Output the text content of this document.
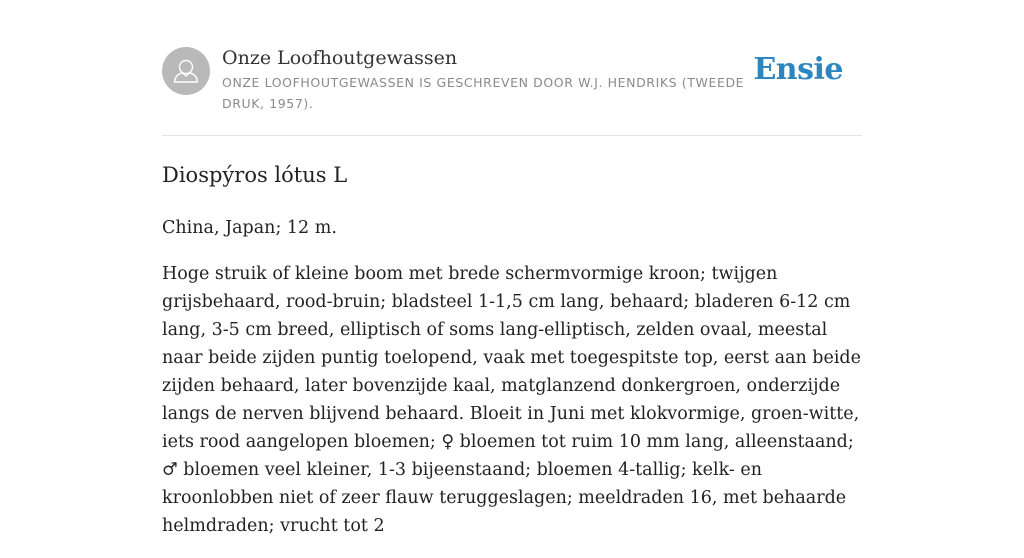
Onze Loofhoutgewassen
ONZE LOOFHOUTGEWASSEN IS GESCHREVEN DOOR W.J. HENDRIKS (TWEEDE DRUK, 1957).
Ensie
Diospýros lótus L

China, Japan; 12 m.

Hoge struik of kleine boom met brede schermvormige kroon; twijgen grijsbehaard, rood-bruin; bladsteel 1-1,5 cm lang, behaard; bladeren 6-12 cm lang, 3-5 cm breed, elliptisch of soms lang-elliptisch, zelden ovaal, meestal naar beide zijden puntig toelopend, vaak met toegespitste top, eerst aan beide zijden behaard, later bovenzijde kaal, matglanzend donkergroen, onderzijde langs de nerven blijvend behaard. Bloeit in Juni met klokvormige, groen-witte, iets rood aangelopen bloemen; ♀ bloemen tot ruim 10 mm lang, alleenstaand; ♂ bloemen veel kleiner, 1-3 bijeenstaand; bloemen 4-tallig; kelk- en kroonlobben niet of zeer flauw teruggeslagen; meeldraden 16, met behaarde helmdraden; vrucht tot 2
